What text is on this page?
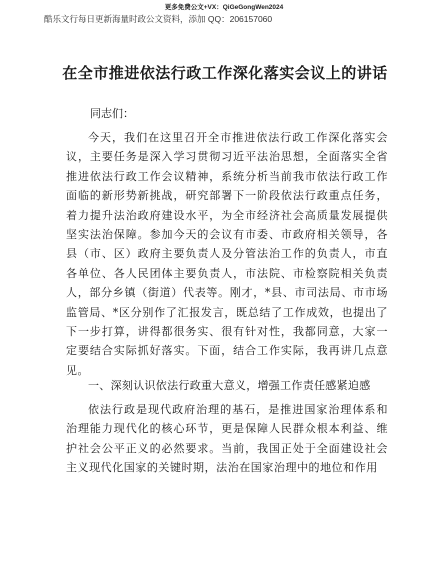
更多免费公文+VX：QiGeGongWen2024
酷乐文行每日更新海量时政公文资料，添加 QQ：206157060
在全市推进依法行政工作深化落实会议上的讲话
同志们：
今天，我们在这里召开全市推进依法行政工作深化落实会议，主要任务是深入学习贯彻习近平法治思想，全面落实全省推进依法行政工作会议精神，系统分析当前我市依法行政工作面临的新形势新挑战，研究部署下一阶段依法行政重点任务，着力提升法治政府建设水平，为全市经济社会高质量发展提供坚实法治保障。参加今天的会议有市委、市政府相关领导，各县（市、区）政府主要负责人及分管法治工作的负责人，市直各单位、各人民团体主要负责人，市法院、市检察院相关负责人，部分乡镇（街道）代表等。刚才，*县、市司法局、市市场监管局、*区分别作了汇报发言，既总结了工作成效，也提出了下一步打算，讲得都很务实、很有针对性，我都同意，大家一定要结合实际抓好落实。下面，结合工作实际，我再讲几点意见。
一、深刻认识依法行政重大意义，增强工作责任感紧迫感
依法行政是现代政府治理的基石，是推进国家治理体系和治理能力现代化的核心环节，更是保障人民群众根本利益、维护社会公平正义的必然要求。当前，我国正处于全面建设社会主义现代化国家的关键时期，法治在国家治理中的地位和作用
